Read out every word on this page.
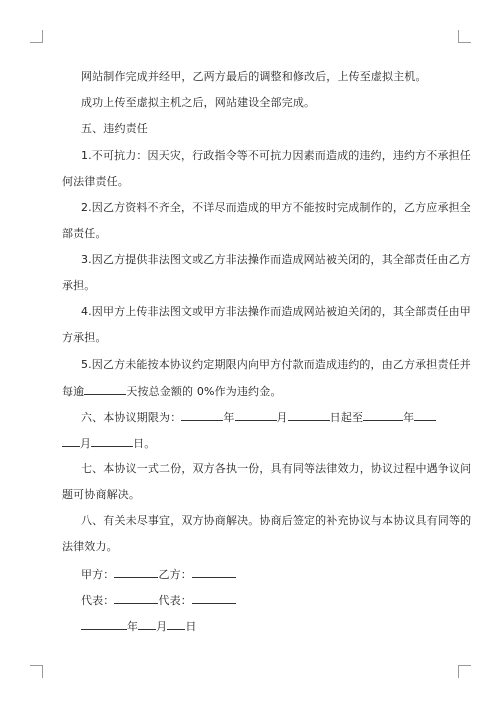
网站制作完成并经甲，乙两方最后的调整和修改后，上传至虚拟主机。
成功上传至虚拟主机之后，网站建设全部完成。
五、违约责任
1.不可抗力：因天灾，行政指令等不可抗力因素而造成的违约，违约方不承担任
何法律责任。
2.因乙方资料不齐全，不详尽而造成的甲方不能按时完成制作的，乙方应承担全
部责任。
3.因乙方提供非法图文或乙方非法操作而造成网站被关闭的，其全部责任由乙方
承担。
4.因甲方上传非法图文或甲方非法操作而造成网站被迫关闭的，其全部责任由甲
方承担。
5.因乙方未能按本协议约定期限内向甲方付款而造成违约的，由乙方承担责任并
每逾	天按总金额的 0%作为违约金。
六、本协议期限为：	年	月	日起至	年
月	日。
七、本协议一式二份，双方各执一份，具有同等法律效力，协议过程中遇争议问
题可协商解决。
八、有关未尽事宜，双方协商解决。协商后签定的补充协议与本协议具有同等的
法律效力。
甲方：	乙方：
代表：	代表：
年 月 日
